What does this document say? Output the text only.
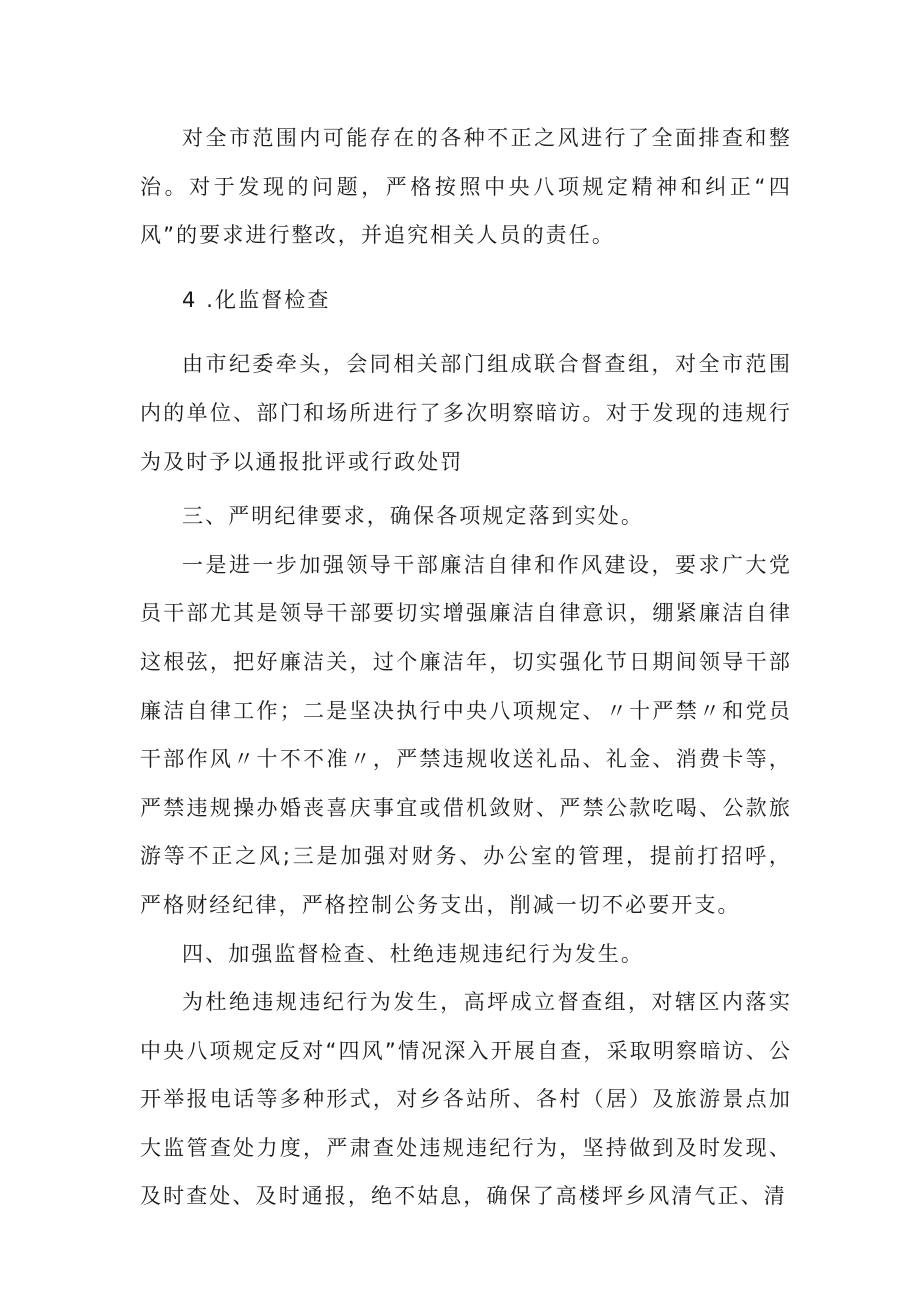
对全市范围内可能存在的各种不正之风进行了全面排查和整治。对于发现的问题，严格按照中央八项规定精神和纠正“四风”的要求进行整改，并追究相关人员的责任。

4 .化监督检查

由市纪委牵头，会同相关部门组成联合督查组，对全市范围内的单位、部门和场所进行了多次明察暗访。对于发现的违规行为及时予以通报批评或行政处罚

三、严明纪律要求，确保各项规定落到实处。

一是进一步加强领导干部廉洁自律和作风建设，要求广大党员干部尤其是领导干部要切实增强廉洁自律意识，绷紧廉洁自律这根弦，把好廉洁关，过个廉洁年，切实强化节日期间领导干部廉洁自律工作；二是坚决执行中央八项规定、〃十严禁〃和党员干部作风〃十不不准〃，严禁违规收送礼品、礼金、消费卡等，严禁违规操办婚丧喜庆事宜或借机敛财、严禁公款吃喝、公款旅游等不正之风;三是加强对财务、办公室的管理，提前打招呼，严格财经纪律，严格控制公务支出，削减一切不必要开支。

四、加强监督检查、杜绝违规违纪行为发生。

为杜绝违规违纪行为发生，高坪成立督查组，对辖区内落实中央八项规定反对“四风”情况深入开展自查，采取明察暗访、公开举报电话等多种形式，对乡各站所、各村（居）及旅游景点加大监管查处力度，严肃查处违规违纪行为，坚持做到及时发现、及时查处、及时通报，绝不姑息，确保了高楼坪乡风清气正、清
